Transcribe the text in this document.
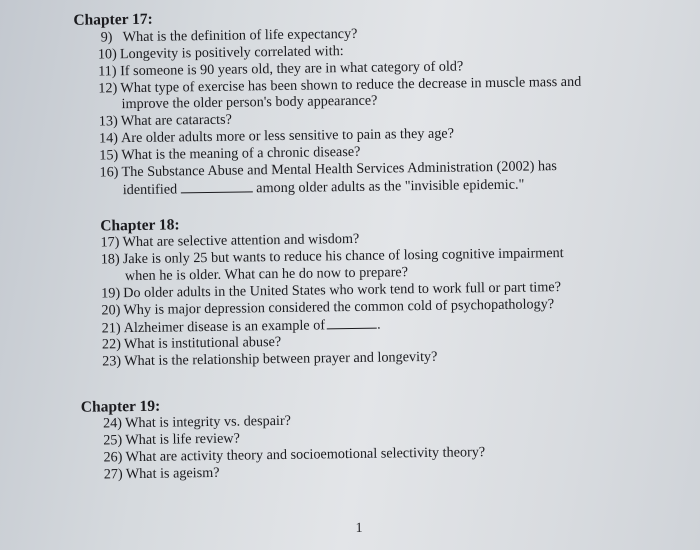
Chapter 17:
9) What is the definition of life expectancy?
10) Longevity is positively correlated with:
11) If someone is 90 years old, they are in what category of old?
12) What type of exercise has been shown to reduce the decrease in muscle mass and
improve the older person's body appearance?
13) What are cataracts?
14) Are older adults more or less sensitive to pain as they age?
15) What is the meaning of a chronic disease?
16) The Substance Abuse and Mental Health Services Administration (2002) has
identified	among older adults as the "invisible epidemic."
Chapter 18:
17) What are selective attention and wisdom?
18) Jake is only 25 but wants to reduce his chance of losing cognitive impairment
when he is older. What can he do now to prepare?
19) Do older adults in the United States who work tend to work full or part time?
20) Why is major depression considered the common cold of psychopathology?
21) Alzheimer disease is an example of	.
22) What is institutional abuse?
23) What is the relationship between prayer and longevity?
Chapter 19:
24) What is integrity vs. despair?
25) What is life review?
26) What are activity theory and socioemotional selectivity theory?
27) What is ageism?
1
